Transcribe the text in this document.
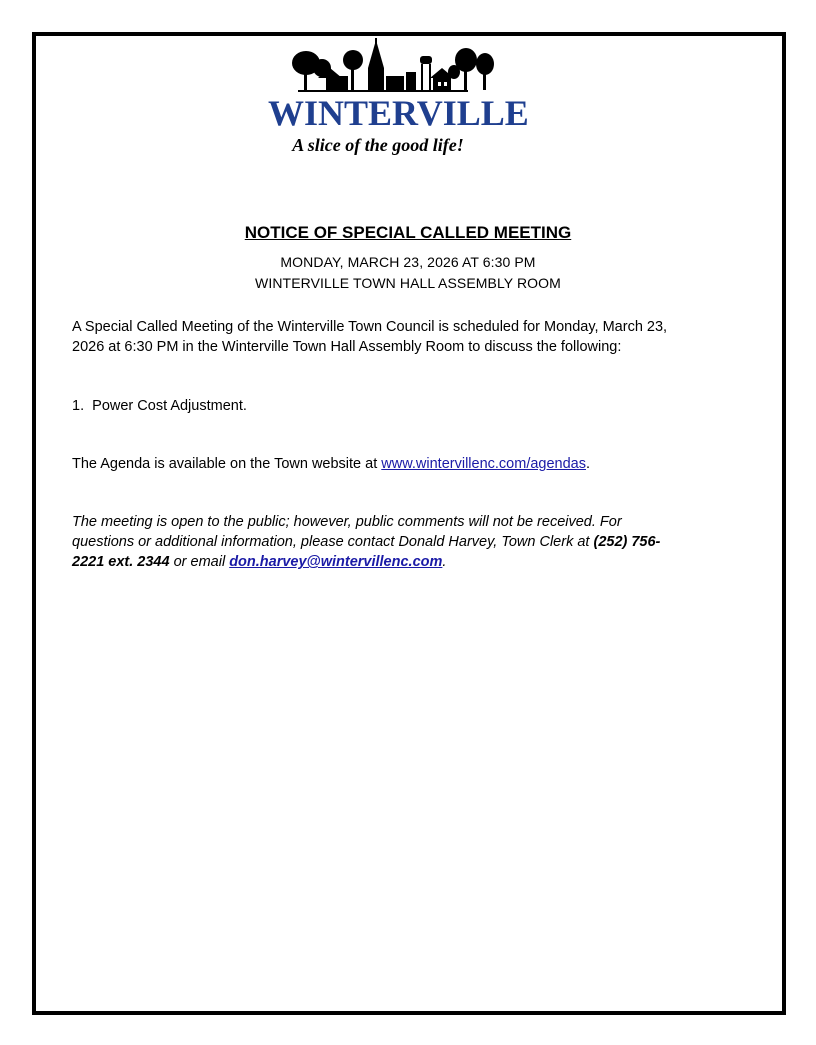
WINTERVILLE
A slice of the good life!
NOTICE OF SPECIAL CALLED MEETING
MONDAY, MARCH 23, 2026 AT 6:30 PM
WINTERVILLE TOWN HALL ASSEMBLY ROOM
A Special Called Meeting of the Winterville Town Council is scheduled for Monday, March 23,
2026 at 6:30 PM in the Winterville Town Hall Assembly Room to discuss the following:
1.  Power Cost Adjustment.
The Agenda is available on the Town website at www.wintervillenc.com/agendas.
The meeting is open to the public; however, public comments will not be received. For
questions or additional information, please contact Donald Harvey, Town Clerk at (252) 756-
2221 ext. 2344 or email don.harvey@wintervillenc.com.
